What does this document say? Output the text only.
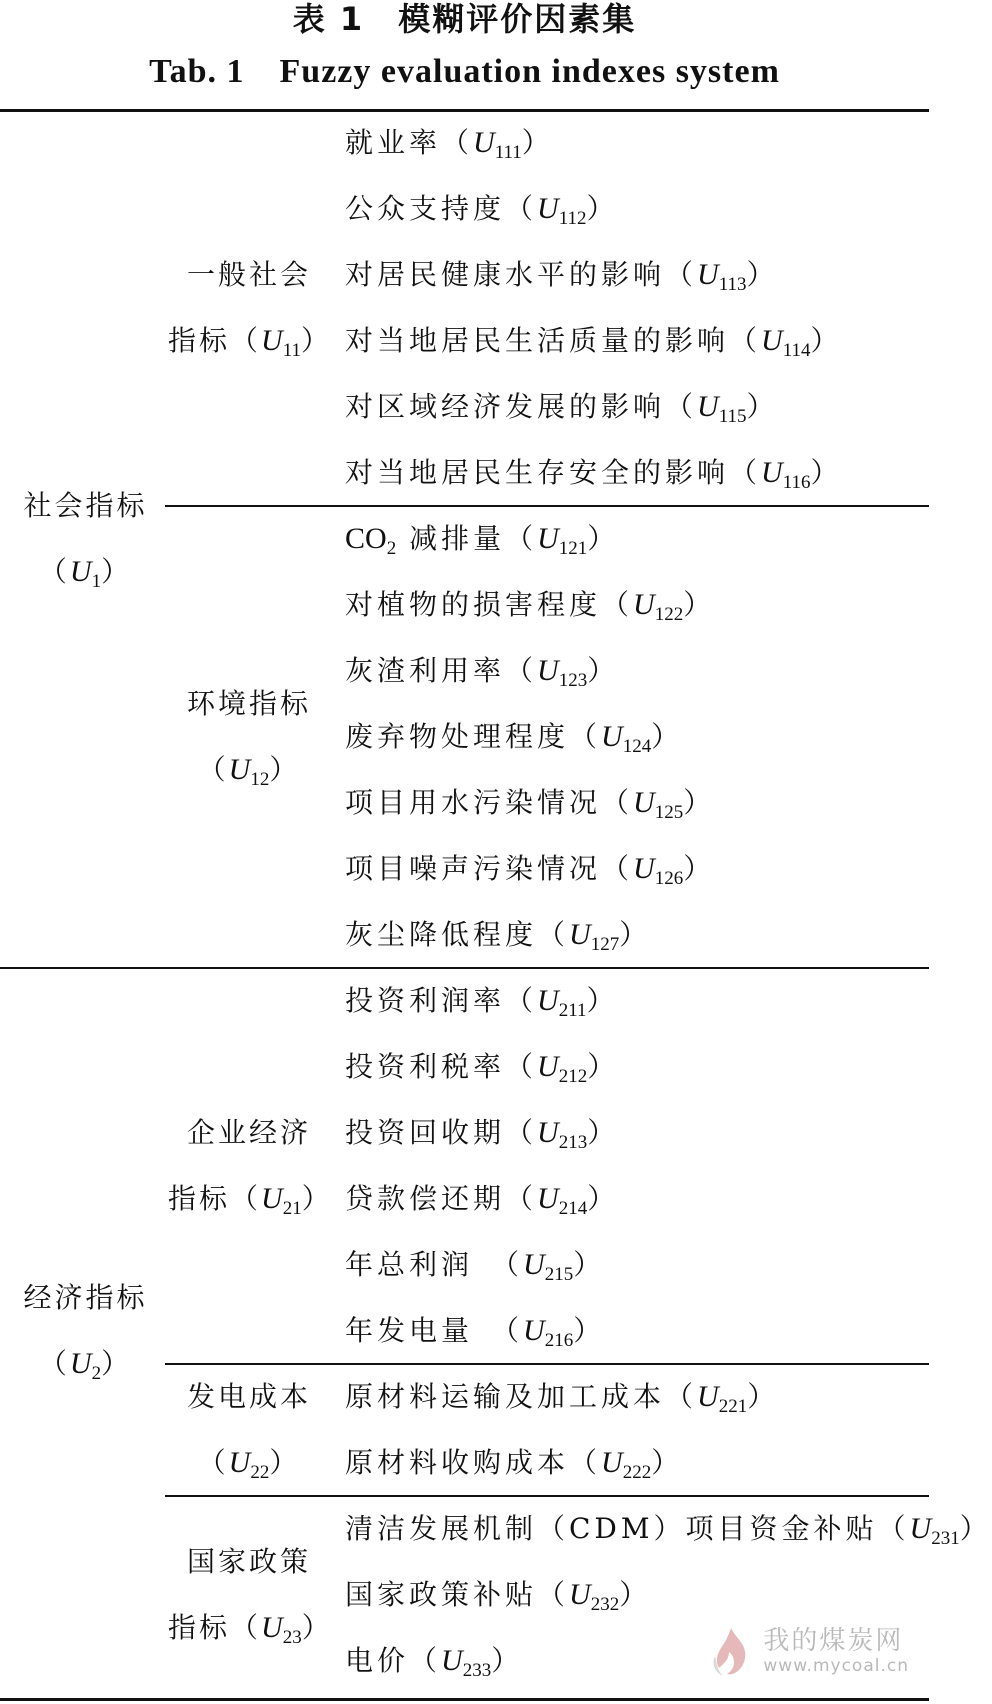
表 1　模糊评价因素集
Tab. 1　Fuzzy evaluation indexes system
社会指标
$(U_1)$
一般社会
指标$(U_{11})$
就业率$(U_{111})$
公众支持度$(U_{112})$
对居民健康水平的影响$(U_{113})$
对当地居民生活质量的影响$(U_{114})$
对区域经济发展的影响$(U_{115})$
对当地居民生存安全的影响$(U_{116})$
环境指标
$(U_{12})$
$CO_2$ 减排量$(U_{121})$
对植物的损害程度$(U_{122})$
灰渣利用率$(U_{123})$
废弃物处理程度$(U_{124})$
项目用水污染情况$(U_{125})$
项目噪声污染情况$(U_{126})$
灰尘降低程度$(U_{127})$
经济指标
$(U_2)$
企业经济
指标$(U_{21})$
投资利润率$(U_{211})$
投资利税率$(U_{212})$
投资回收期$(U_{213})$
贷款偿还期$(U_{214})$
年总利润　$(U_{215})$
年发电量　$(U_{216})$
发电成本
$(U_{22})$
原材料运输及加工成本$(U_{221})$
原材料收购成本$(U_{222})$
国家政策
指标$(U_{23})$
清洁发展机制（CDM）项目资金补贴$(U_{231})$
国家政策补贴$(U_{232})$
电价$(U_{233})$
我的煤炭网
www.mycoal.cn
